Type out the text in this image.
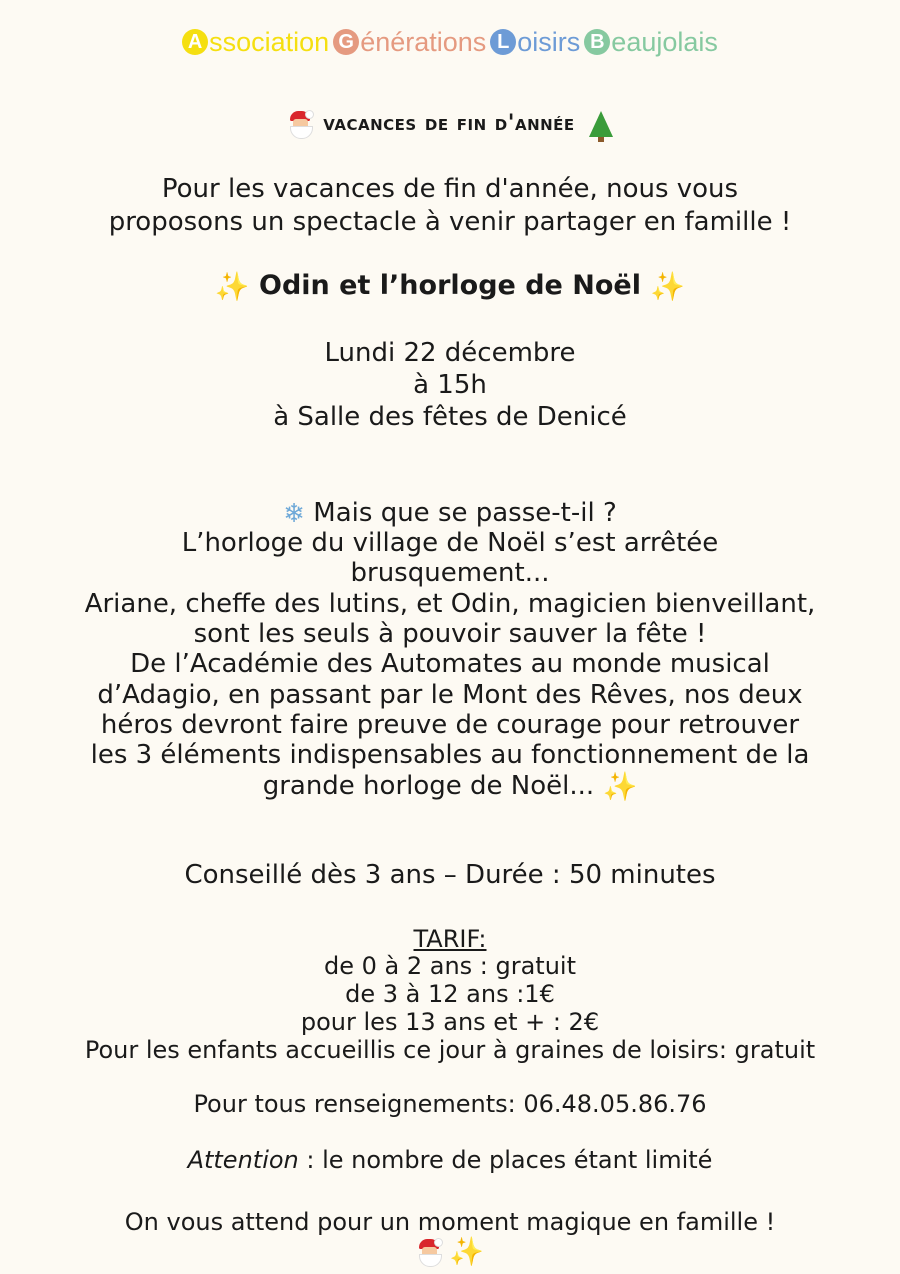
A ssociation G énérations L oisirs B eaujolais
vacances de fin d'année
Pour les vacances de fin d'année, nous vous
proposons un spectacle à venir partager en famille !
✨ Odin et l’horloge de Noël ✨
Lundi 22 décembre
à 15h
à Salle des fêtes de Denicé
❄ Mais que se passe-t-il ?
L’horloge du village de Noël s’est arrêtée
brusquement...
Ariane, cheffe des lutins, et Odin, magicien bienveillant,
sont les seuls à pouvoir sauver la fête !
De l’Académie des Automates au monde musical
d’Adagio, en passant par le Mont des Rêves, nos deux
héros devront faire preuve de courage pour retrouver
les 3 éléments indispensables au fonctionnement de la
grande horloge de Noël... ✨
Conseillé dès 3 ans – Durée : 50 minutes
TARIF:
de 0 à 2 ans : gratuit
de 3 à 12 ans :1€
pour les 13 ans et + : 2€
Pour les enfants accueillis ce jour à graines de loisirs: gratuit
Pour tous renseignements: 06.48.05.86.76
Attention : le nombre de places étant limité
On vous attend pour un moment magique en famille !
✨
